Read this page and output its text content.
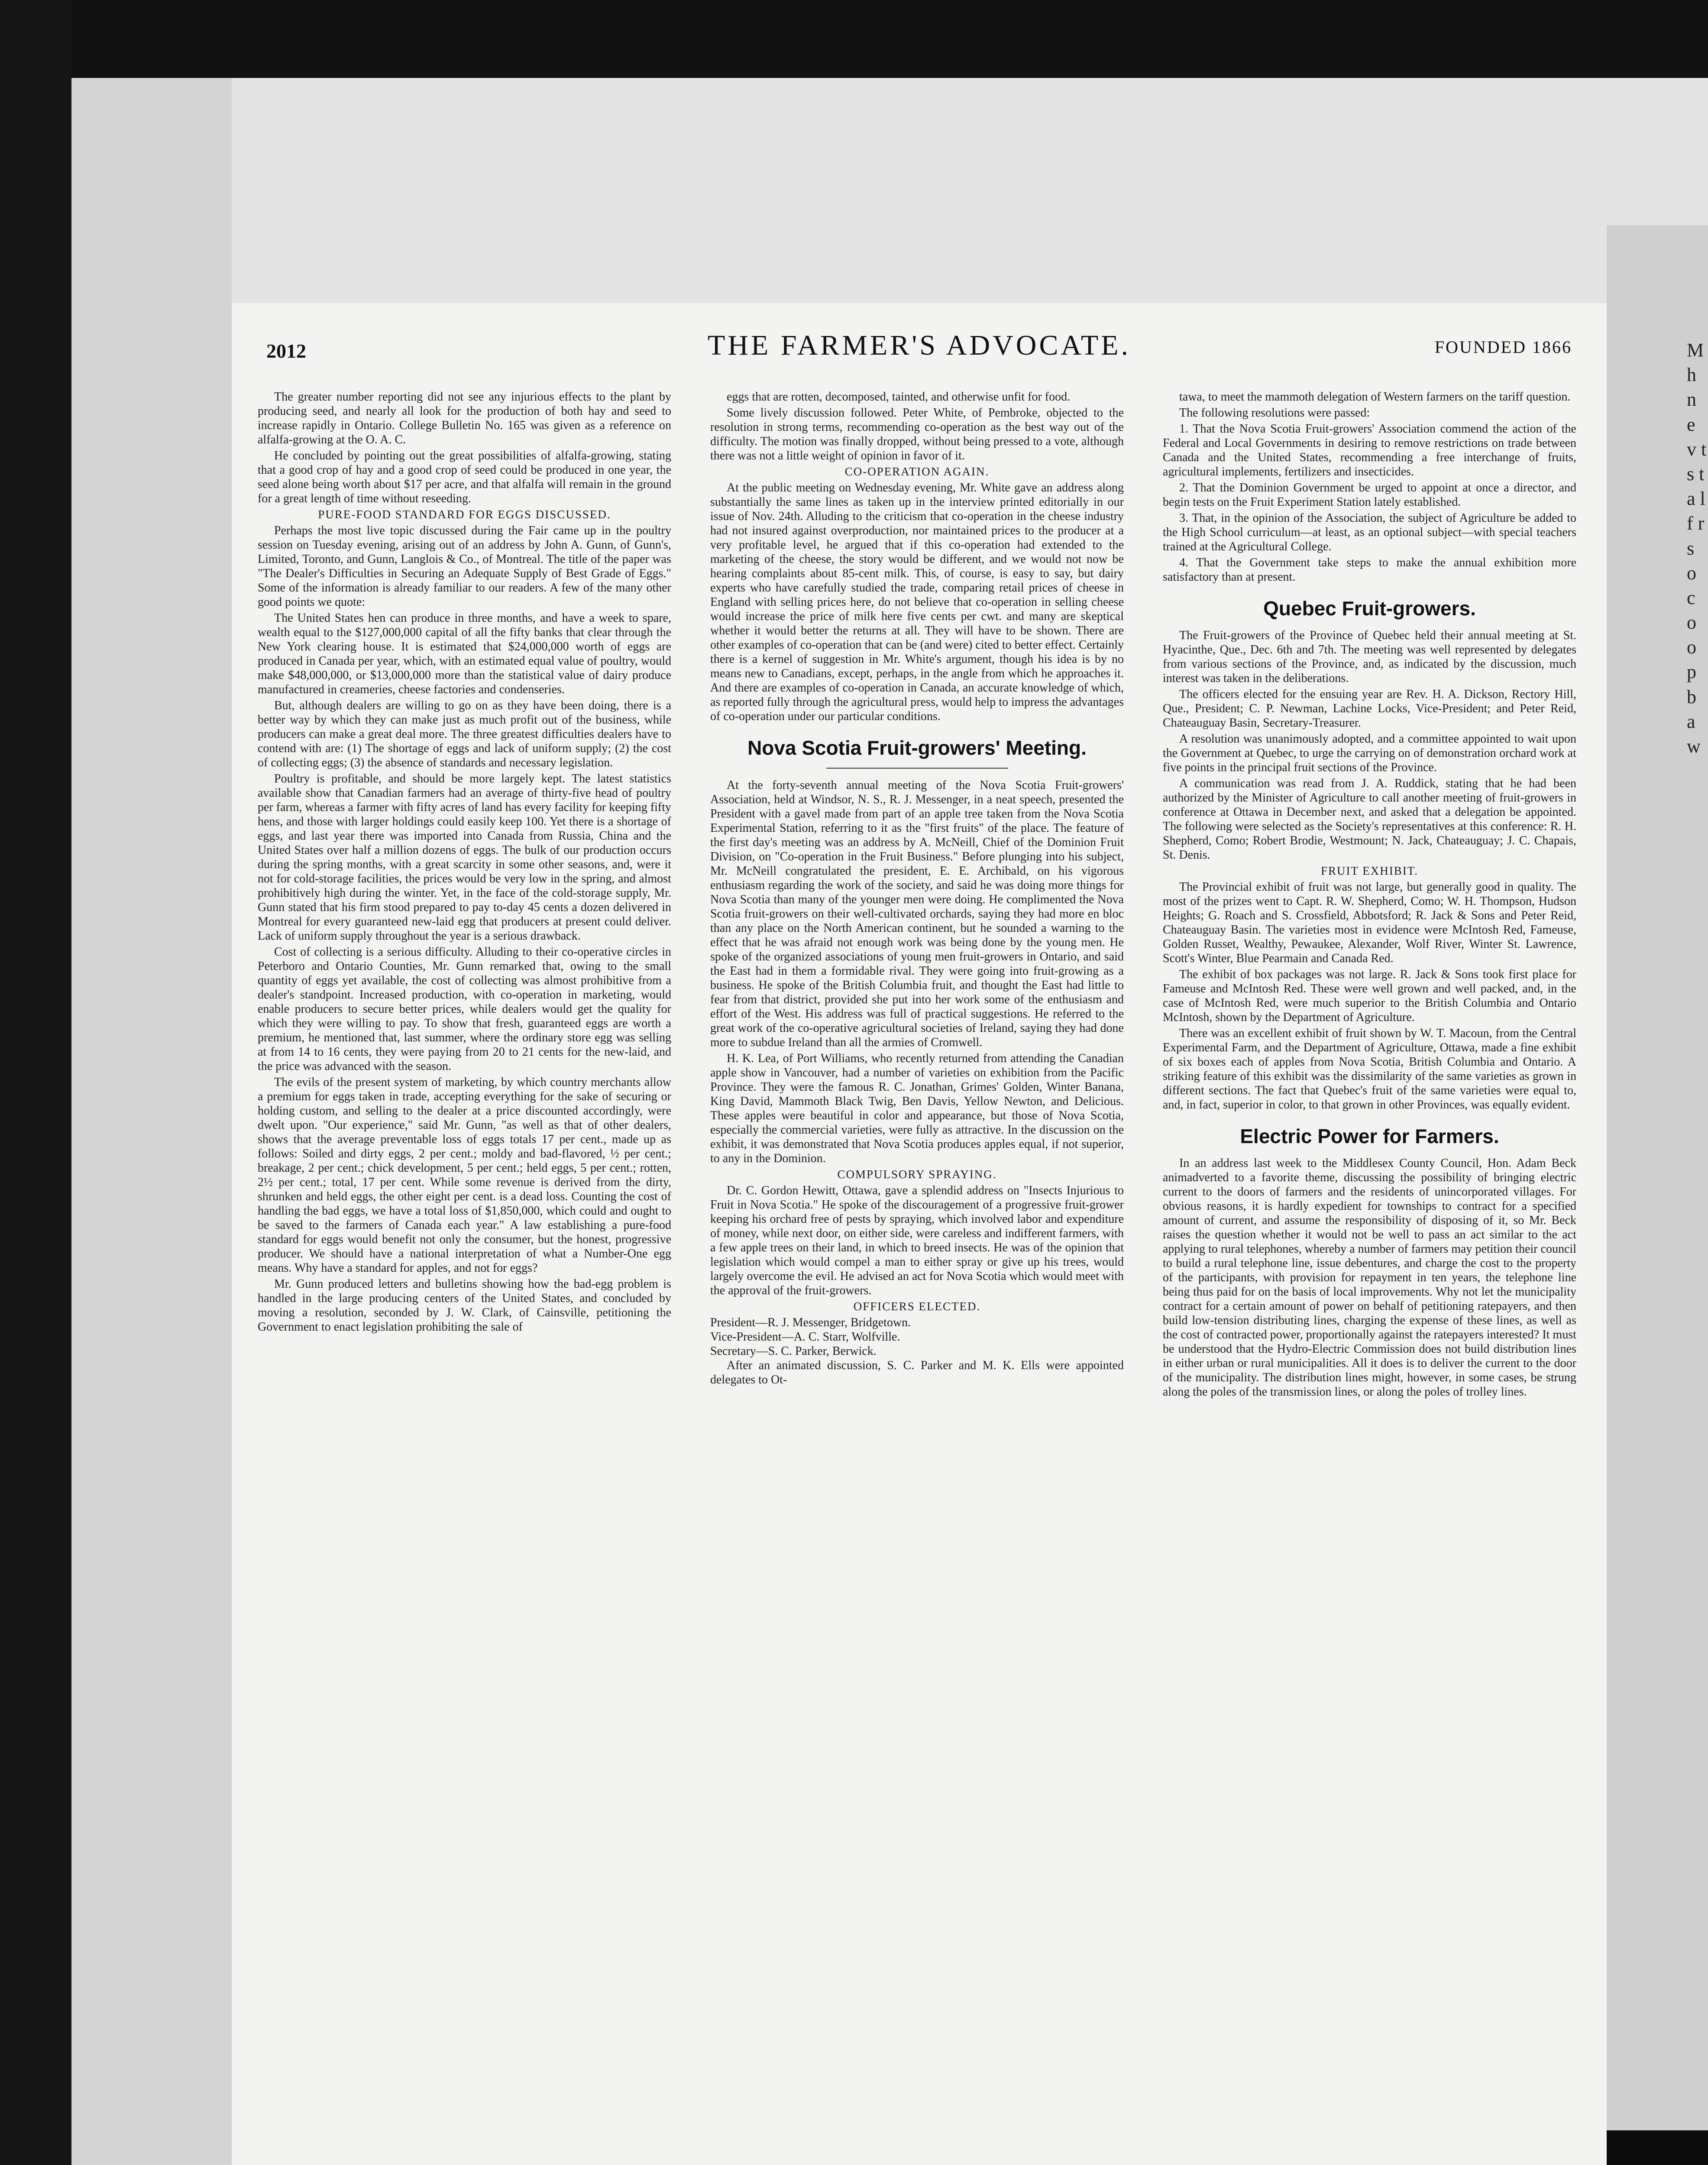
M h n e v t s t a l f r s o c o o p b a w
2012	THE FARMER'S ADVOCATE.	FOUNDED 1866

The greater number reporting did not see any injurious effects to the plant by producing seed, and nearly all look for the production of both hay and seed to increase rapidly in Ontario. College Bulletin No. 165 was given as a reference on alfalfa-growing at the O. A. C.

He concluded by pointing out the great possibilities of alfalfa-growing, stating that a good crop of hay and a good crop of seed could be produced in one year, the seed alone being worth about $17 per acre, and that alfalfa will remain in the ground for a great length of time without reseeding.

PURE-FOOD STANDARD FOR EGGS DISCUSSED.

Perhaps the most live topic discussed during the Fair came up in the poultry session on Tuesday evening, arising out of an address by John A. Gunn, of Gunn's, Limited, Toronto, and Gunn, Langlois & Co., of Montreal. The title of the paper was "The Dealer's Difficulties in Securing an Adequate Supply of Best Grade of Eggs." Some of the information is already familiar to our readers. A few of the many other good points we quote:

The United States hen can produce in three months, and have a week to spare, wealth equal to the $127,000,000 capital of all the fifty banks that clear through the New York clearing house. It is estimated that $24,000,000 worth of eggs are produced in Canada per year, which, with an estimated equal value of poultry, would make $48,000,000, or $13,000,000 more than the statistical value of dairy produce manufactured in creameries, cheese factories and condenseries.

But, although dealers are willing to go on as they have been doing, there is a better way by which they can make just as much profit out of the business, while producers can make a great deal more. The three greatest difficulties dealers have to contend with are: (1) The shortage of eggs and lack of uniform supply; (2) the cost of collecting eggs; (3) the absence of standards and necessary legislation.

Poultry is profitable, and should be more largely kept. The latest statistics available show that Canadian farmers had an average of thirty-five head of poultry per farm, whereas a farmer with fifty acres of land has every facility for keeping fifty hens, and those with larger holdings could easily keep 100. Yet there is a shortage of eggs, and last year there was imported into Canada from Russia, China and the United States over half a million dozens of eggs. The bulk of our production occurs during the spring months, with a great scarcity in some other seasons, and, were it not for cold-storage facilities, the prices would be very low in the spring, and almost prohibitively high during the winter. Yet, in the face of the cold-storage supply, Mr. Gunn stated that his firm stood prepared to pay to-day 45 cents a dozen delivered in Montreal for every guaranteed new-laid egg that producers at present could deliver. Lack of uniform supply throughout the year is a serious drawback.

Cost of collecting is a serious difficulty. Alluding to their co-operative circles in Peterboro and Ontario Counties, Mr. Gunn remarked that, owing to the small quantity of eggs yet available, the cost of collecting was almost prohibitive from a dealer's standpoint. Increased production, with co-operation in marketing, would enable producers to secure better prices, while dealers would get the quality for which they were willing to pay. To show that fresh, guaranteed eggs are worth a premium, he mentioned that, last summer, where the ordinary store egg was selling at from 14 to 16 cents, they were paying from 20 to 21 cents for the new-laid, and the price was advanced with the season.

The evils of the present system of marketing, by which country merchants allow a premium for eggs taken in trade, accepting everything for the sake of securing or holding custom, and selling to the dealer at a price discounted accordingly, were dwelt upon. "Our experience," said Mr. Gunn, "as well as that of other dealers, shows that the average preventable loss of eggs totals 17 per cent., made up as follows: Soiled and dirty eggs, 2 per cent.; moldy and bad-flavored, ½ per cent.; breakage, 2 per cent.; chick development, 5 per cent.; held eggs, 5 per cent.; rotten, 2½ per cent.; total, 17 per cent. While some revenue is derived from the dirty, shrunken and held eggs, the other eight per cent. is a dead loss. Counting the cost of handling the bad eggs, we have a total loss of $1,850,000, which could and ought to be saved to the farmers of Canada each year." A law establishing a pure-food standard for eggs would benefit not only the consumer, but the honest, progressive producer. We should have a national interpretation of what a Number-One egg means. Why have a standard for apples, and not for eggs?

Mr. Gunn produced letters and bulletins showing how the bad-egg problem is handled in the large producing centers of the United States, and concluded by moving a resolution, seconded by J. W. Clark, of Cainsville, petitioning the Government to enact legislation prohibiting the sale of

eggs that are rotten, decomposed, tainted, and otherwise unfit for food.

Some lively discussion followed. Peter White, of Pembroke, objected to the resolution in strong terms, recommending co-operation as the best way out of the difficulty. The motion was finally dropped, without being pressed to a vote, although there was not a little weight of opinion in favor of it.

CO-OPERATION AGAIN.

At the public meeting on Wednesday evening, Mr. White gave an address along substantially the same lines as taken up in the interview printed editorially in our issue of Nov. 24th. Alluding to the criticism that co-operation in the cheese industry had not insured against overproduction, nor maintained prices to the producer at a very profitable level, he argued that if this co-operation had extended to the marketing of the cheese, the story would be different, and we would not now be hearing complaints about 85-cent milk. This, of course, is easy to say, but dairy experts who have carefully studied the trade, comparing retail prices of cheese in England with selling prices here, do not believe that co-operation in selling cheese would increase the price of milk here five cents per cwt. and many are skeptical whether it would better the returns at all. They will have to be shown. There are other examples of co-operation that can be (and were) cited to better effect. Certainly there is a kernel of suggestion in Mr. White's argument, though his idea is by no means new to Canadians, except, perhaps, in the angle from which he approaches it. And there are examples of co-operation in Canada, an accurate knowledge of which, as reported fully through the agricultural press, would help to impress the advantages of co-operation under our particular conditions.

Nova Scotia Fruit-growers' Meeting.

At the forty-seventh annual meeting of the Nova Scotia Fruit-growers' Association, held at Windsor, N. S., R. J. Messenger, in a neat speech, presented the President with a gavel made from part of an apple tree taken from the Nova Scotia Experimental Station, referring to it as the "first fruits" of the place. The feature of the first day's meeting was an address by A. McNeill, Chief of the Dominion Fruit Division, on "Co-operation in the Fruit Business." Before plunging into his subject, Mr. McNeill congratulated the president, E. E. Archibald, on his vigorous enthusiasm regarding the work of the society, and said he was doing more things for Nova Scotia than many of the younger men were doing. He complimented the Nova Scotia fruit-growers on their well-cultivated orchards, saying they had more en bloc than any place on the North American continent, but he sounded a warning to the effect that he was afraid not enough work was being done by the young men. He spoke of the organized associations of young men fruit-growers in Ontario, and said the East had in them a formidable rival. They were going into fruit-growing as a business. He spoke of the British Columbia fruit, and thought the East had little to fear from that district, provided she put into her work some of the enthusiasm and effort of the West. His address was full of practical suggestions. He referred to the great work of the co-operative agricultural societies of Ireland, saying they had done more to subdue Ireland than all the armies of Cromwell.

H. K. Lea, of Port Williams, who recently returned from attending the Canadian apple show in Vancouver, had a number of varieties on exhibition from the Pacific Province. They were the famous R. C. Jonathan, Grimes' Golden, Winter Banana, King David, Mammoth Black Twig, Ben Davis, Yellow Newton, and Delicious. These apples were beautiful in color and appearance, but those of Nova Scotia, especially the commercial varieties, were fully as attractive. In the discussion on the exhibit, it was demonstrated that Nova Scotia produces apples equal, if not superior, to any in the Dominion.

COMPULSORY SPRAYING.

Dr. C. Gordon Hewitt, Ottawa, gave a splendid address on "Insects Injurious to Fruit in Nova Scotia." He spoke of the discouragement of a progressive fruit-grower keeping his orchard free of pests by spraying, which involved labor and expenditure of money, while next door, on either side, were careless and indifferent farmers, with a few apple trees on their land, in which to breed insects. He was of the opinion that legislation which would compel a man to either spray or give up his trees, would largely overcome the evil. He advised an act for Nova Scotia which would meet with the approval of the fruit-growers.

OFFICERS ELECTED.

President—R. J. Messenger, Bridgetown.

Vice-President—A. C. Starr, Wolfville.

Secretary—S. C. Parker, Berwick.

After an animated discussion, S. C. Parker and M. K. Ells were appointed delegates to Ot-

tawa, to meet the mammoth delegation of Western farmers on the tariff question.

The following resolutions were passed:

1. That the Nova Scotia Fruit-growers' Association commend the action of the Federal and Local Governments in desiring to remove restrictions on trade between Canada and the United States, recommending a free interchange of fruits, agricultural implements, fertilizers and insecticides.

2. That the Dominion Government be urged to appoint at once a director, and begin tests on the Fruit Experiment Station lately established.

3. That, in the opinion of the Association, the subject of Agriculture be added to the High School curriculum—at least, as an optional subject—with special teachers trained at the Agricultural College.

4. That the Government take steps to make the annual exhibition more satisfactory than at present.

Quebec Fruit-growers.

The Fruit-growers of the Province of Quebec held their annual meeting at St. Hyacinthe, Que., Dec. 6th and 7th. The meeting was well represented by delegates from various sections of the Province, and, as indicated by the discussion, much interest was taken in the deliberations.

The officers elected for the ensuing year are Rev. H. A. Dickson, Rectory Hill, Que., President; C. P. Newman, Lachine Locks, Vice-President; and Peter Reid, Chateauguay Basin, Secretary-Treasurer.

A resolution was unanimously adopted, and a committee appointed to wait upon the Government at Quebec, to urge the carrying on of demonstration orchard work at five points in the principal fruit sections of the Province.

A communication was read from J. A. Ruddick, stating that he had been authorized by the Minister of Agriculture to call another meeting of fruit-growers in conference at Ottawa in December next, and asked that a delegation be appointed. The following were selected as the Society's representatives at this conference: R. H. Shepherd, Como; Robert Brodie, Westmount; N. Jack, Chateauguay; J. C. Chapais, St. Denis.

FRUIT EXHIBIT.

The Provincial exhibit of fruit was not large, but generally good in quality. The most of the prizes went to Capt. R. W. Shepherd, Como; W. H. Thompson, Hudson Heights; G. Roach and S. Crossfield, Abbotsford; R. Jack & Sons and Peter Reid, Chateauguay Basin. The varieties most in evidence were McIntosh Red, Fameuse, Golden Russet, Wealthy, Pewaukee, Alexander, Wolf River, Winter St. Lawrence, Scott's Winter, Blue Pearmain and Canada Red.

The exhibit of box packages was not large. R. Jack & Sons took first place for Fameuse and McIntosh Red. These were well grown and well packed, and, in the case of McIntosh Red, were much superior to the British Columbia and Ontario McIntosh, shown by the Department of Agriculture.

There was an excellent exhibit of fruit shown by W. T. Macoun, from the Central Experimental Farm, and the Department of Agriculture, Ottawa, made a fine exhibit of six boxes each of apples from Nova Scotia, British Columbia and Ontario. A striking feature of this exhibit was the dissimilarity of the same varieties as grown in different sections. The fact that Quebec's fruit of the same varieties were equal to, and, in fact, superior in color, to that grown in other Provinces, was equally evident.

Electric Power for Farmers.

In an address last week to the Middlesex County Council, Hon. Adam Beck animadverted to a favorite theme, discussing the possibility of bringing electric current to the doors of farmers and the residents of unincorporated villages. For obvious reasons, it is hardly expedient for townships to contract for a specified amount of current, and assume the responsibility of disposing of it, so Mr. Beck raises the question whether it would not be well to pass an act similar to the act applying to rural telephones, whereby a number of farmers may petition their council to build a rural telephone line, issue debentures, and charge the cost to the property of the participants, with provision for repayment in ten years, the telephone line being thus paid for on the basis of local improvements. Why not let the municipality contract for a certain amount of power on behalf of petitioning ratepayers, and then build low-tension distributing lines, charging the expense of these lines, as well as the cost of contracted power, proportionally against the ratepayers interested? It must be understood that the Hydro-Electric Commission does not build distribution lines in either urban or rural municipalities. All it does is to deliver the current to the door of the municipality. The distribution lines might, however, in some cases, be strung along the poles of the transmission lines, or along the poles of trolley lines.
